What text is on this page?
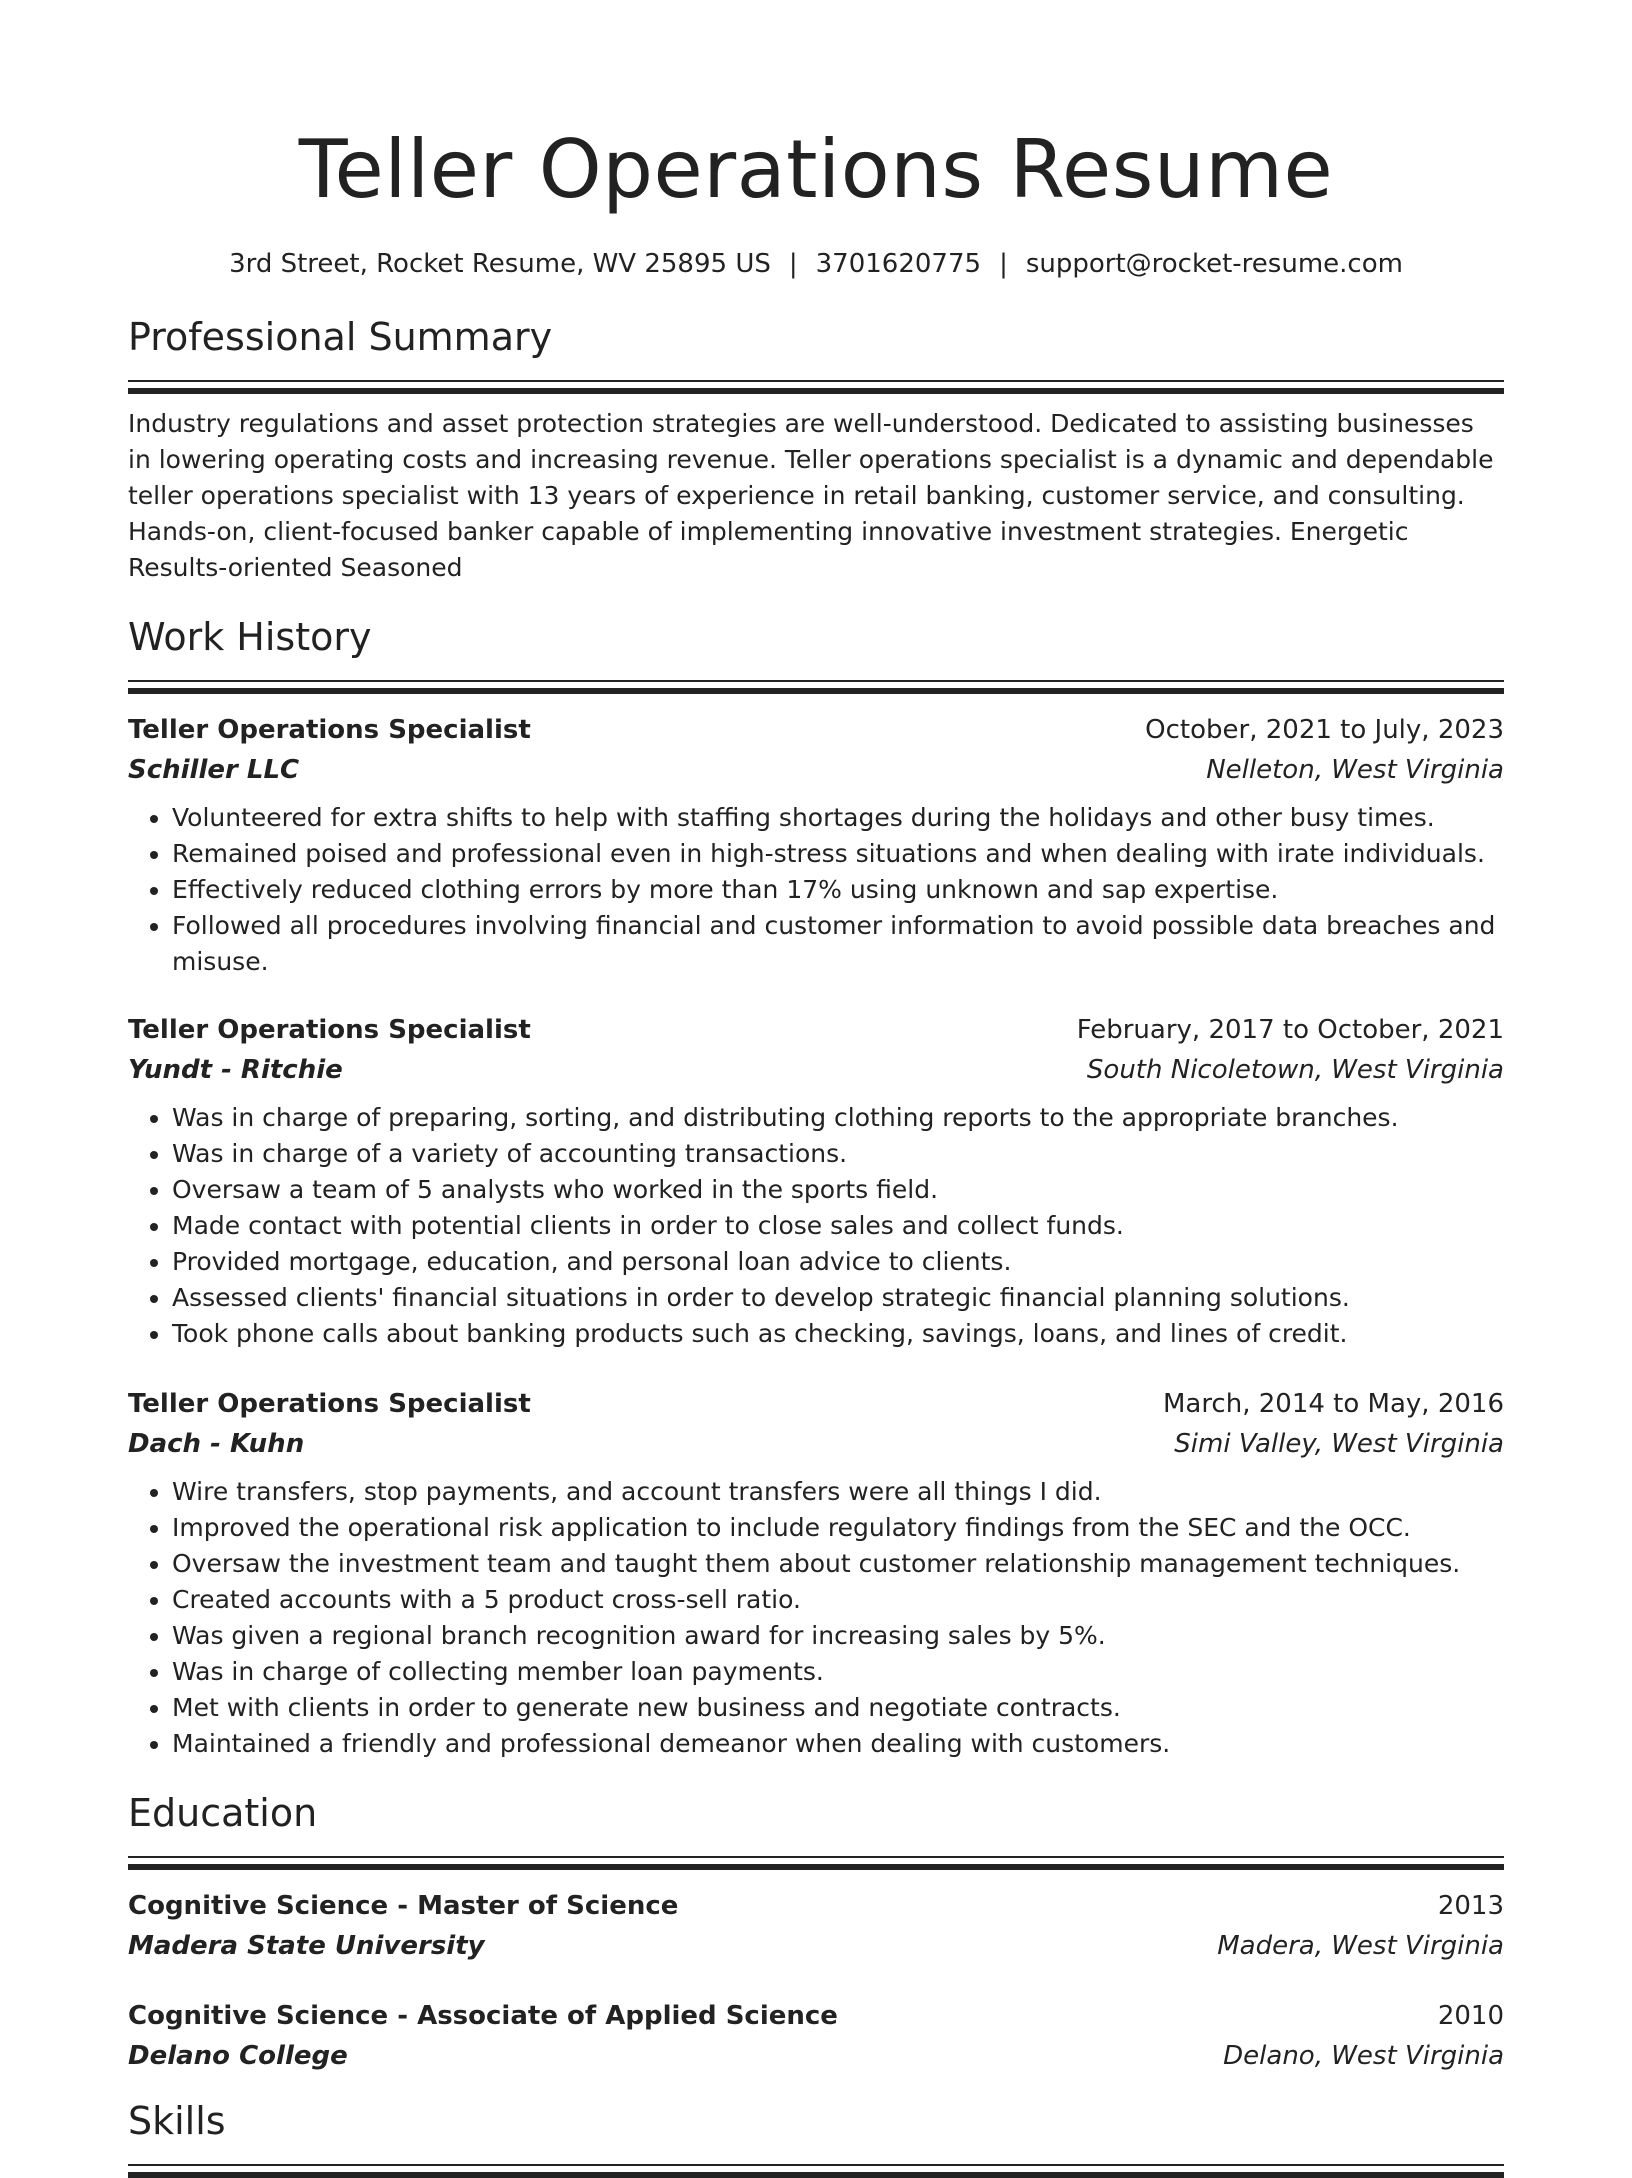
Teller Operations Resume
3rd Street, Rocket Resume, WV 25895 US | 3701620775 | support@rocket-resume.com
Professional Summary

Industry regulations and asset protection strategies are well-understood. Dedicated to assisting businesses in lowering operating costs and increasing revenue. Teller operations specialist is a dynamic and dependable teller operations specialist with 13 years of experience in retail banking, customer service, and consulting. Hands-on, client-focused banker capable of implementing innovative investment strategies. Energetic Results-oriented Seasoned

Work History
Teller Operations Specialist	October, 2021 to July, 2023
Schiller LLC	Nelleton, West Virginia
• Volunteered for extra shifts to help with staffing shortages during the holidays and other busy times.
• Remained poised and professional even in high-stress situations and when dealing with irate individuals.
• Effectively reduced clothing errors by more than 17% using unknown and sap expertise.
• Followed all procedures involving financial and customer information to avoid possible data breaches and misuse.
Teller Operations Specialist	February, 2017 to October, 2021
Yundt - Ritchie	South Nicoletown, West Virginia
• Was in charge of preparing, sorting, and distributing clothing reports to the appropriate branches.
• Was in charge of a variety of accounting transactions.
• Oversaw a team of 5 analysts who worked in the sports field.
• Made contact with potential clients in order to close sales and collect funds.
• Provided mortgage, education, and personal loan advice to clients.
• Assessed clients' financial situations in order to develop strategic financial planning solutions.
• Took phone calls about banking products such as checking, savings, loans, and lines of credit.
Teller Operations Specialist	March, 2014 to May, 2016
Dach - Kuhn	Simi Valley, West Virginia
• Wire transfers, stop payments, and account transfers were all things I did.
• Improved the operational risk application to include regulatory findings from the SEC and the OCC.
• Oversaw the investment team and taught them about customer relationship management techniques.
• Created accounts with a 5 product cross-sell ratio.
• Was given a regional branch recognition award for increasing sales by 5%.
• Was in charge of collecting member loan payments.
• Met with clients in order to generate new business and negotiate contracts.
• Maintained a friendly and professional demeanor when dealing with customers.
Education
Cognitive Science - Master of Science	2013
Madera State University	Madera, West Virginia
Cognitive Science - Associate of Applied Science	2010
Delano College	Delano, West Virginia
Skills
